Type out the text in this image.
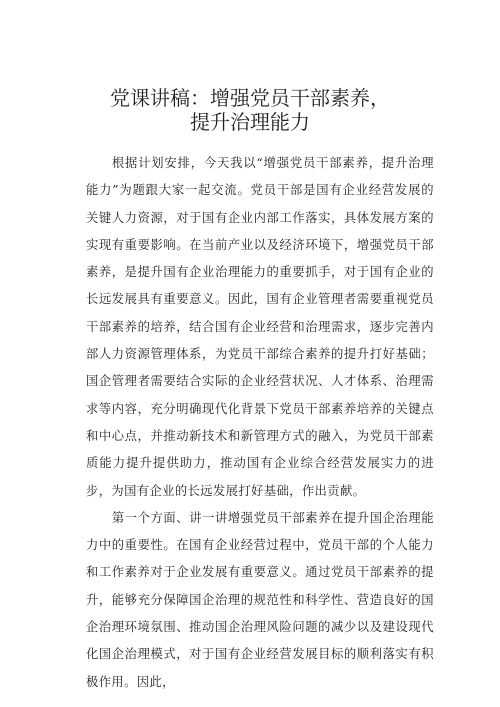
党课讲稿：增强党员干部素养，
提升治理能力

根据计划安排，今天我以“增强党员干部素养，提升治理能力”为题跟大家一起交流。党员干部是国有企业经营发展的关键人力资源，对于国有企业内部工作落实，具体发展方案的实现有重要影响。在当前产业以及经济环境下，增强党员干部素养，是提升国有企业治理能力的重要抓手，对于国有企业的长远发展具有重要意义。因此，国有企业管理者需要重视党员干部素养的培养，结合国有企业经营和治理需求，逐步完善内部人力资源管理体系，为党员干部综合素养的提升打好基础；国企管理者需要结合实际的企业经营状况、人才体系、治理需求等内容，充分明确现代化背景下党员干部素养培养的关键点和中心点，并推动新技术和新管理方式的融入，为党员干部素质能力提升提供助力，推动国有企业综合经营发展实力的进步，为国有企业的长远发展打好基础，作出贡献。

第一个方面、讲一讲增强党员干部素养在提升国企治理能力中的重要性。在国有企业经营过程中，党员干部的个人能力和工作素养对于企业发展有重要意义。通过党员干部素养的提升，能够充分保障国企治理的规范性和科学性、营造良好的国企治理环境氛围、推动国企治理风险问题的减少以及建设现代化国企治理模式，对于国有企业经营发展目标的顺利落实有积极作用。因此，
